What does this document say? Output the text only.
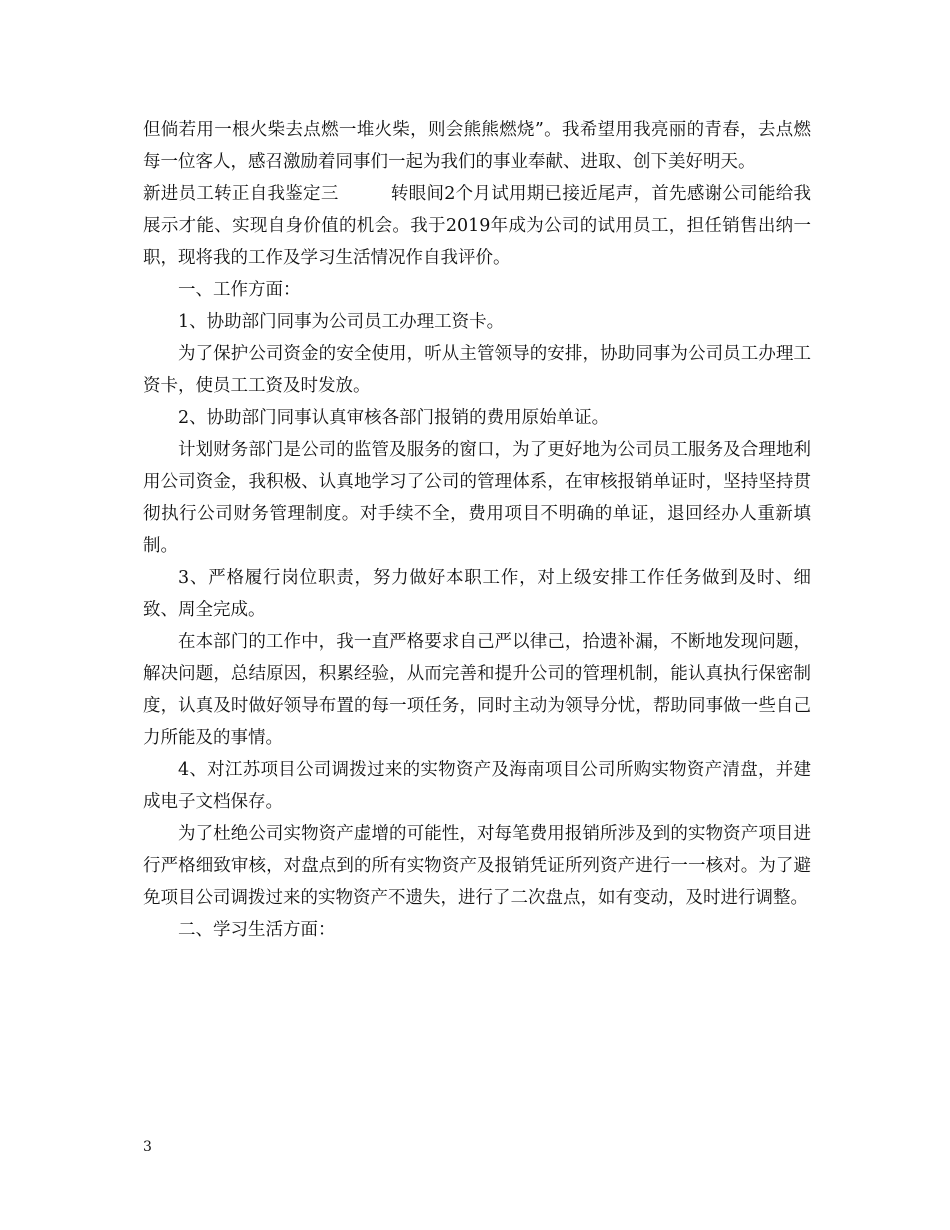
但倘若用一根火柴去点燃一堆火柴，则会熊熊燃烧”。我希望用我亮丽的青春，去点燃每一位客人，感召激励着同事们一起为我们的事业奉献、进取、创下美好明天。

新进员工转正自我鉴定三	转眼间2个月试用期已接近尾声，首先感谢公司能给我展示才能、实现自身价值的机会。我于2019年成为公司的试用员工，担任销售出纳一职，现将我的工作及学习生活情况作自我评价。

一、工作方面：

1、协助部门同事为公司员工办理工资卡。

为了保护公司资金的安全使用，听从主管领导的安排，协助同事为公司员工办理工资卡，使员工工资及时发放。

2、协助部门同事认真审核各部门报销的费用原始单证。

计划财务部门是公司的监管及服务的窗口，为了更好地为公司员工服务及合理地利用公司资金，我积极、认真地学习了公司的管理体系，在审核报销单证时，坚持坚持贯彻执行公司财务管理制度。对手续不全，费用项目不明确的单证，退回经办人重新填制。

3、严格履行岗位职责，努力做好本职工作，对上级安排工作任务做到及时、细致、周全完成。

在本部门的工作中，我一直严格要求自己严以律己，拾遗补漏，不断地发现问题，解决问题，总结原因，积累经验，从而完善和提升公司的管理机制，能认真执行保密制度，认真及时做好领导布置的每一项任务，同时主动为领导分忧，帮助同事做一些自己力所能及的事情。

4、对江苏项目公司调拨过来的实物资产及海南项目公司所购实物资产清盘，并建成电子文档保存。

为了杜绝公司实物资产虚增的可能性，对每笔费用报销所涉及到的实物资产项目进行严格细致审核，对盘点到的所有实物资产及报销凭证所列资产进行一一核对。为了避免项目公司调拨过来的实物资产不遗失，进行了二次盘点，如有变动，及时进行调整。

二、学习生活方面：

3
